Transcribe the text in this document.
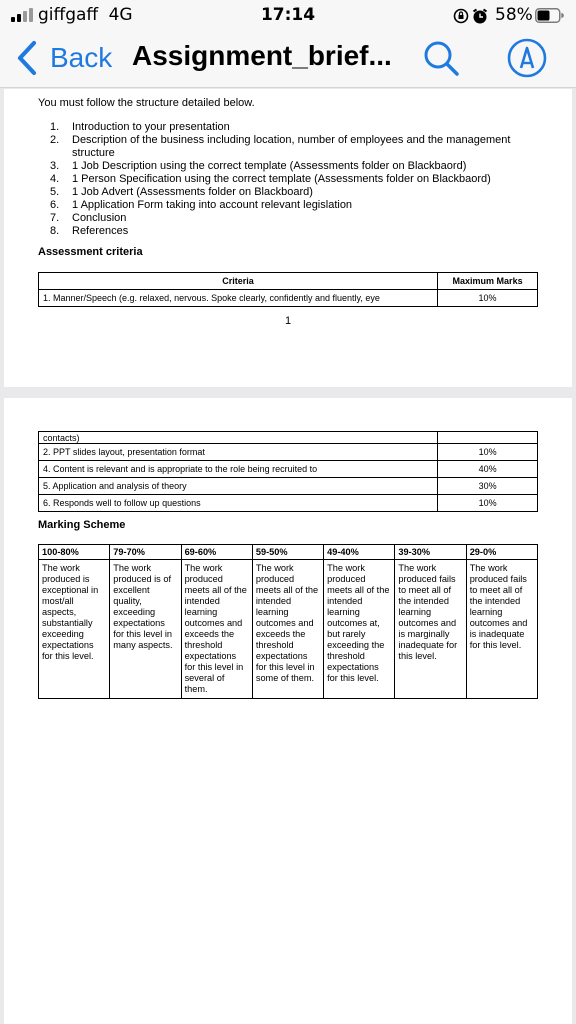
giffgaff 4G	17:14	58%
Back Assignment_brief...
You must follow the structure detailed below.
1.	Introduction to your presentation
2.	Description of the business including location, number of employees and the management structure
3.	1 Job Description using the correct template (Assessments folder on Blackbaord)
4.	1 Person Specification using the correct template (Assessments folder on Blackbaord)
5.	1 Job Advert (Assessments folder on Blackboard)
6.	1 Application Form taking into account relevant legislation
7.	Conclusion
8.	References
Assessment criteria
Criteria	Maximum Marks
1. Manner/Speech (e.g. relaxed, nervous. Spoke clearly, confidently and fluently, eye	10%
1
contacts)	
2. PPT slides layout, presentation format	10%
4. Content is relevant and is appropriate to the role being recruited to	40%
5. Application and analysis of theory	30%
6. Responds well to follow up questions	10%
Marking Scheme
100-80%	79-70%	69-60%	59-50%	49-40%	39-30%	29-0%
The work produced is exceptional in most/all aspects, substantially exceeding expectations for this level.	The work produced is of excellent quality, exceeding expectations for this level in many aspects.	The work produced meets all of the intended learning outcomes and exceeds the threshold expectations for this level in several of them.	The work produced meets all of the intended learning outcomes and exceeds the threshold expectations for this level in some of them.	The work produced meets all of the intended learning outcomes at, but rarely exceeding the threshold expectations for this level.	The work produced fails to meet all of the intended learning outcomes and is marginally inadequate for this level.	The work produced fails to meet all of the intended learning outcomes and is inadequate for this level.
